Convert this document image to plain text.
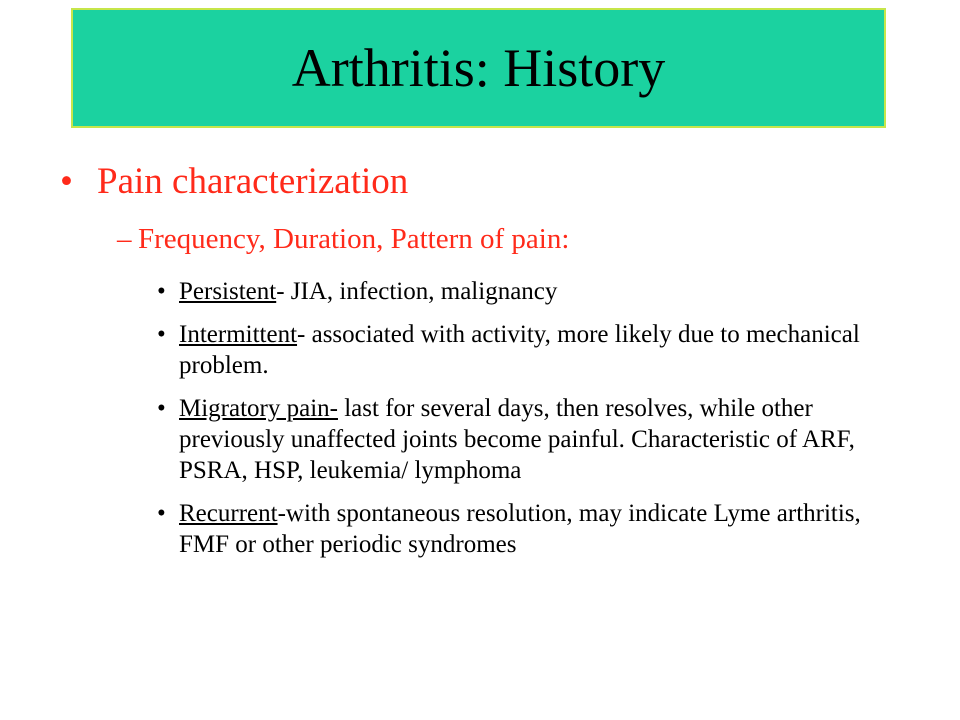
Arthritis: History
• Pain characterization
– Frequency, Duration, Pattern of pain:
• Persistent- JIA, infection, malignancy
• Intermittent- associated with activity, more likely due to mechanical problem.
• Migratory pain- last for several days, then resolves, while other previously unaffected joints become painful. Characteristic of ARF, PSRA, HSP, leukemia/ lymphoma
• Recurrent-with spontaneous resolution, may indicate Lyme arthritis, FMF or other periodic syndromes
